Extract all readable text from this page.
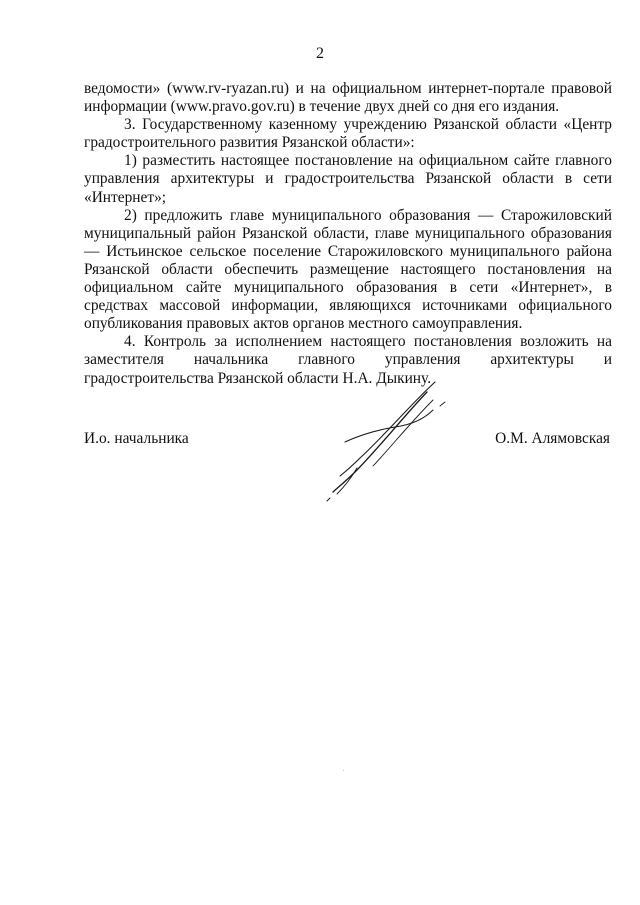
2

ведомости» (www.rv-ryazan.ru) и на официальном интернет-портале правовой информации (www.pravo.gov.ru) в течение двух дней со дня его издания.

3. Государственному казенному учреждению Рязанской области «Центр градостроительного развития Рязанской области»:

1) разместить настоящее постановление на официальном сайте главного управления архитектуры и градостроительства Рязанской области в сети «Интернет»;

2) предложить главе муниципального образования — Старожиловский муниципальный район Рязанской области, главе муниципального образования — Истьинское сельское поселение Старожиловского муниципального района Рязанской области обеспечить размещение настоящего постановления на официальном сайте муниципального образования в сети «Интернет», в средствах массовой информации, являющихся источниками официального опубликования правовых актов органов местного самоуправления.

4. Контроль за исполнением настоящего постановления возложить на заместителя начальника главного управления архитектуры и градостроительства Рязанской области Н.А. Дыкину.

И.о. начальника	О.М. Алямовская
